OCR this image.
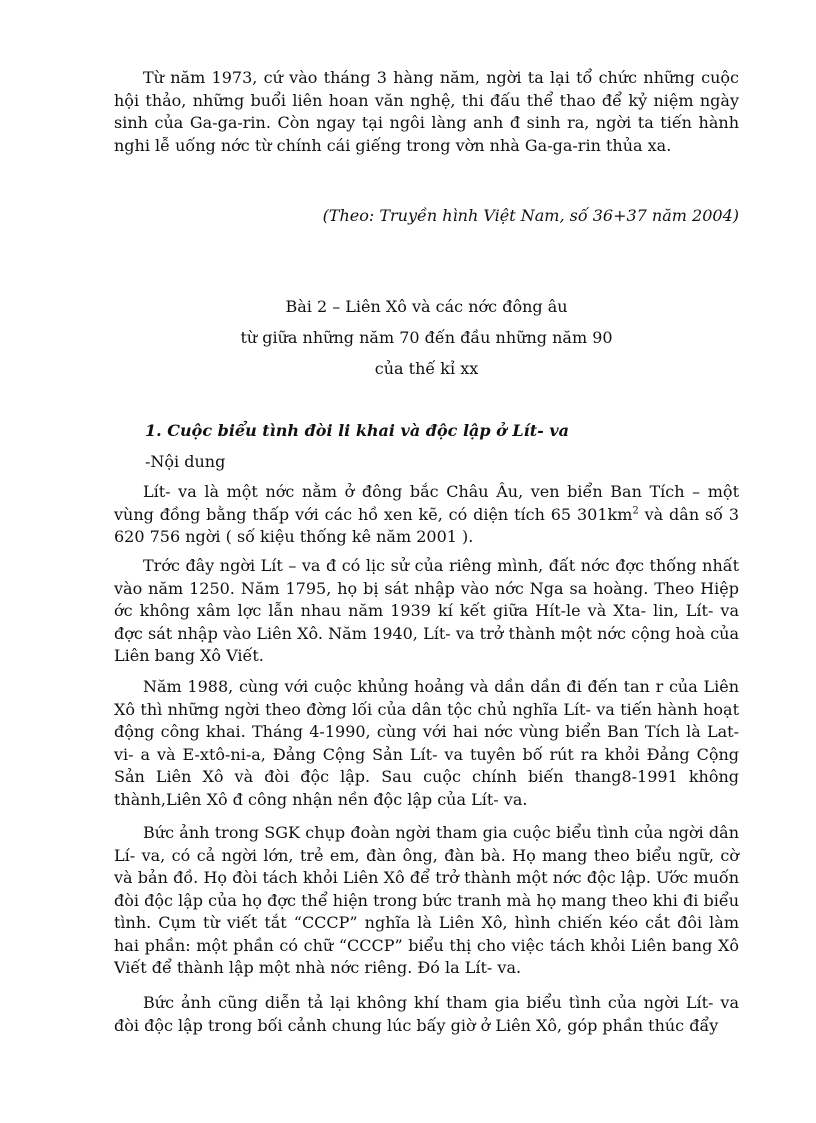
Từ năm 1973, cứ vào tháng 3 hàng năm, ngời ta lại tổ chức những cuộc hội thảo, những buổi liên hoan văn nghệ, thi đấu thể thao để kỷ niệm ngày sinh của Ga-ga-rin. Còn ngay tại ngôi làng anh đ sinh ra, ngời ta tiến hành nghi lễ uống nớc từ chính cái giếng trong vờn nhà Ga-ga-rin thủa xa.

(Theo: Truyền hình Việt Nam, số 36+37 năm 2004)

Bài 2 – Liên Xô và các nớc đông âu

từ giữa những năm 70 đến đầu những năm 90

của thế kỉ xx

1. Cuộc biểu tình đòi li khai và độc lập ở Lít- va

-Nội dung

Lít- va là một nớc nằm ở đông bắc Châu Âu, ven biển Ban Tích – một vùng đồng bằng thấp với các hồ xen kẽ, có diện tích 65 $301km^2$ và dân số 3 620 756 ngời ( số kiệu thống kê năm 2001 ).

Trớc đây ngời Lít – va đ có lịc sử của riêng mình, đất nớc đợc thống nhất vào năm 1250. Năm 1795, họ bị sát nhập vào nớc Nga sa hoàng. Theo Hiệp ớc không xâm lợc lẫn nhau năm 1939 kí kết giữa Hít-le và Xta- lin, Lít- va đợc sát nhập vào Liên Xô. Năm 1940, Lít- va trở thành một nớc cộng hoà của Liên bang Xô Viết.

Năm 1988, cùng với cuộc khủng hoảng và dần dần đi đến tan r của Liên Xô thì những ngời theo đờng lối của dân tộc chủ nghĩa Lít- va tiến hành hoạt động công khai. Tháng 4-1990, cùng với hai nớc vùng biển Ban Tích là Lat- vi- a và E-xtô-ni-a, Đảng Cộng Sản Lít- va tuyên bố rút ra khỏi Đảng Cộng Sản Liên Xô và đòi độc lập. Sau cuộc chính biến thang8-1991 không thành,Liên Xô đ công nhận nền độc lập của Lít- va.

Bức ảnh trong SGK chụp đoàn ngời tham gia cuộc biểu tình của ngời dân Lí- va, có cả ngời lớn, trẻ em, đàn ông, đàn bà. Họ mang theo biểu ngữ, cờ và bản đồ. Họ đòi tách khỏi Liên Xô để trở thành một nớc độc lập. Ước muốn đòi độc lập của họ đợc thể hiện trong bức tranh mà họ mang theo khi đi biểu tình. Cụm từ viết tắt “CCCP” nghĩa là Liên Xô, hình chiến kéo cắt đôi làm hai phần: một phần có chữ “CCCP” biểu thị cho việc tách khỏi Liên bang Xô Viết để thành lập một nhà nớc riêng. Đó la Lít- va.

Bức ảnh cũng diễn tả lại không khí tham gia biểu tình của ngời Lít- va đòi độc lập trong bối cảnh chung lúc bấy giờ ở Liên Xô, góp phần thúc đẩy
